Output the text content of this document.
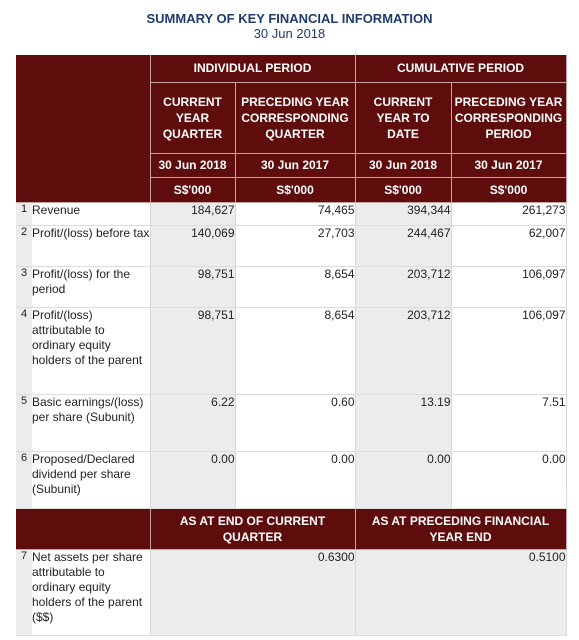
SUMMARY OF KEY FINANCIAL INFORMATION
30 Jun 2018
		INDIVIDUAL PERIOD		CUMULATIVE PERIOD	
		CURRENT YEAR QUARTER	PRECEDING YEAR CORRESPONDING QUARTER	CURRENT YEAR TO DATE	PRECEDING YEAR CORRESPONDING PERIOD
		30 Jun 2018	30 Jun 2017	30 Jun 2018	30 Jun 2017
		S$'000	S$'000	S$'000	S$'000
1	Revenue	184,627	74,465	394,344	261,273
2	Profit/(loss) before tax	140,069	27,703	244,467	62,007
3	Profit/(loss) for the period	98,751	8,654	203,712	106,097
4	Profit/(loss) attributable to ordinary equity holders of the parent	98,751	8,654	203,712	106,097
5	Basic earnings/(loss) per share (Subunit)	6.22	0.60	13.19	7.51
6	Proposed/Declared dividend per share (Subunit)	0.00	0.00	0.00	0.00
		AS AT END OF CURRENT QUARTER		AS AT PRECEDING FINANCIAL YEAR END	
7	Net assets per share attributable to ordinary equity holders of the parent ($$)	0.6300		0.5100	
